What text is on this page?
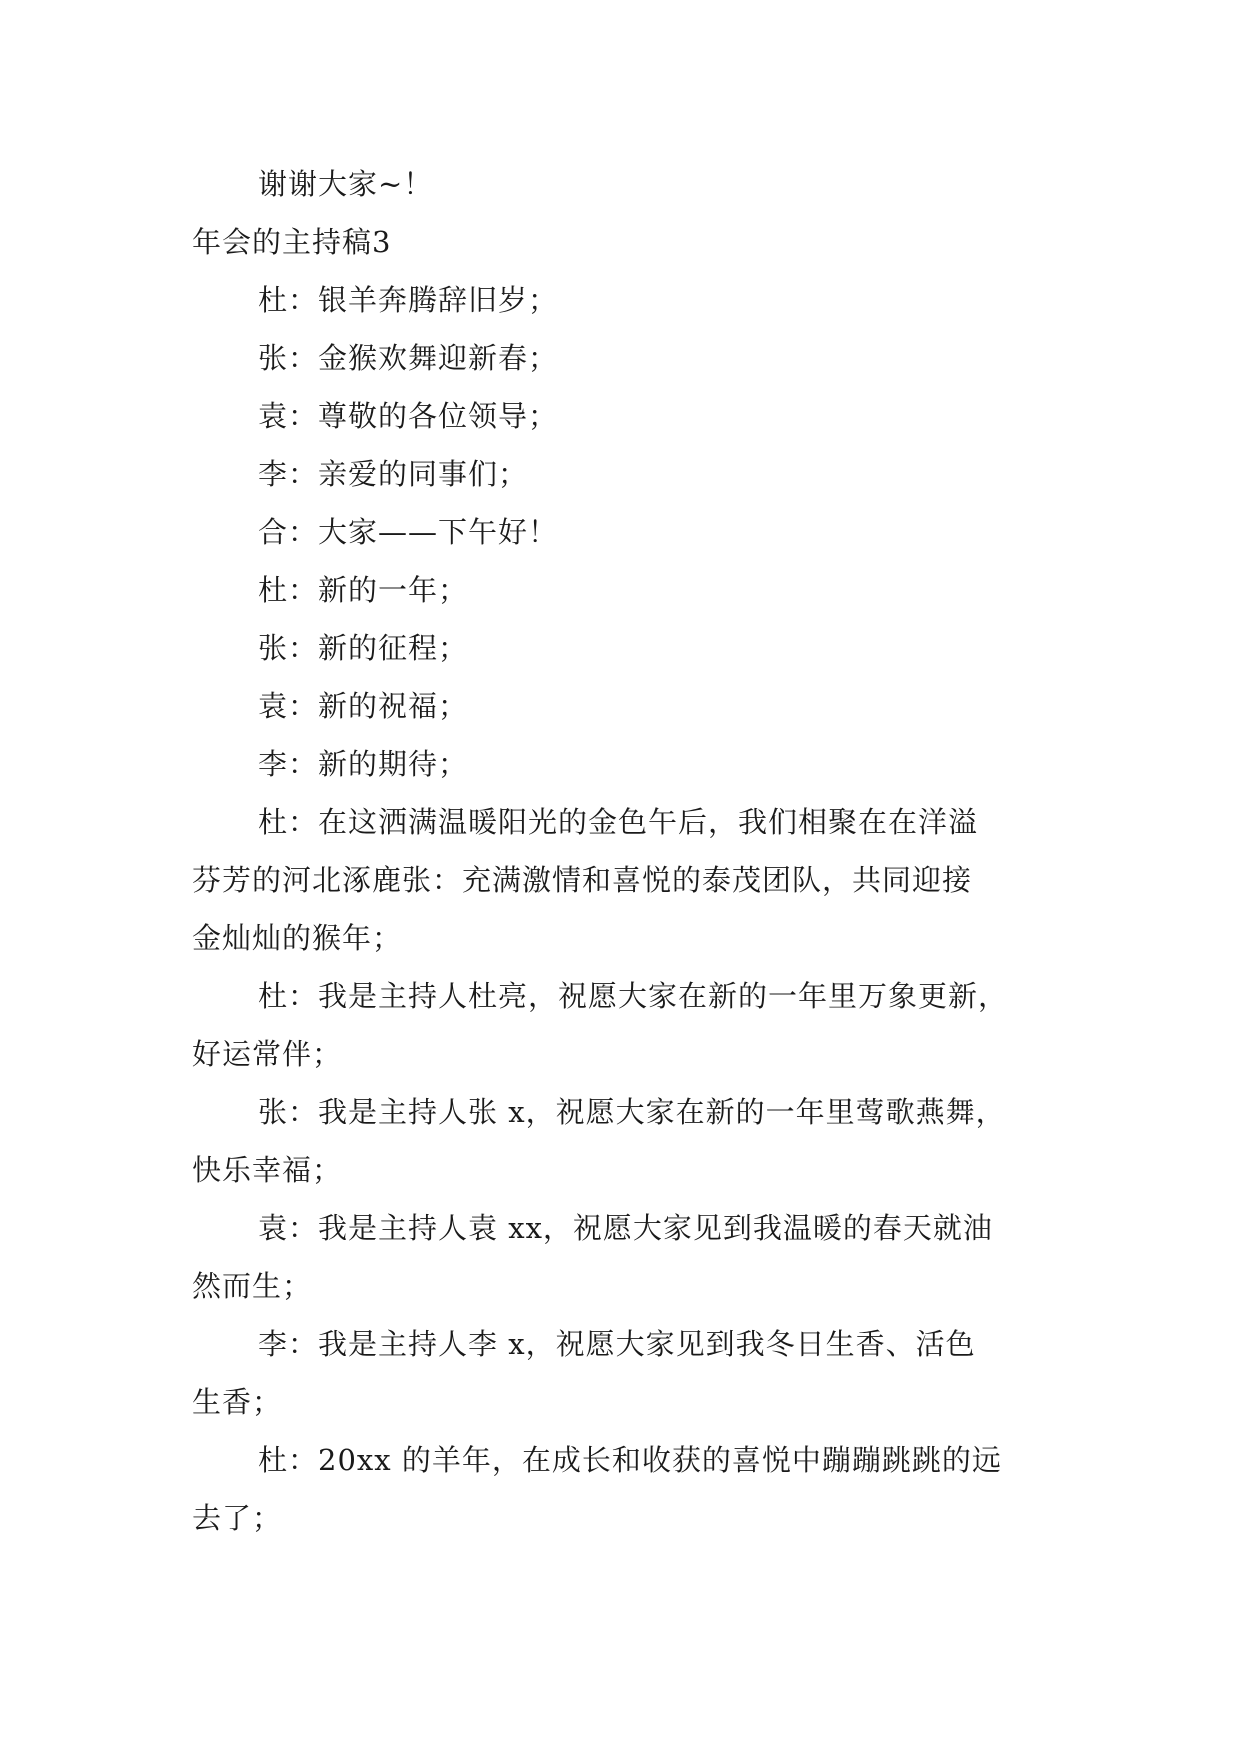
谢谢大家~！
年会的主持稿3
杜：银羊奔腾辞旧岁；
张：金猴欢舞迎新春；
袁：尊敬的各位领导；
李：亲爱的同事们；
合：大家——下午好！
杜：新的一年；
张：新的征程；
袁：新的祝福；
李：新的期待；
杜：在这洒满温暖阳光的金色午后，我们相聚在在洋溢
芬芳的河北涿鹿张：充满激情和喜悦的泰茂团队，共同迎接
金灿灿的猴年；
杜：我是主持人杜亮，祝愿大家在新的一年里万象更新，
好运常伴；
张：我是主持人张 x，祝愿大家在新的一年里莺歌燕舞，
快乐幸福；
袁：我是主持人袁 xx，祝愿大家见到我温暖的春天就油
然而生；
李：我是主持人李 x，祝愿大家见到我冬日生香、活色
生香；
杜：20xx 的羊年，在成长和收获的喜悦中蹦蹦跳跳的远
去了；
